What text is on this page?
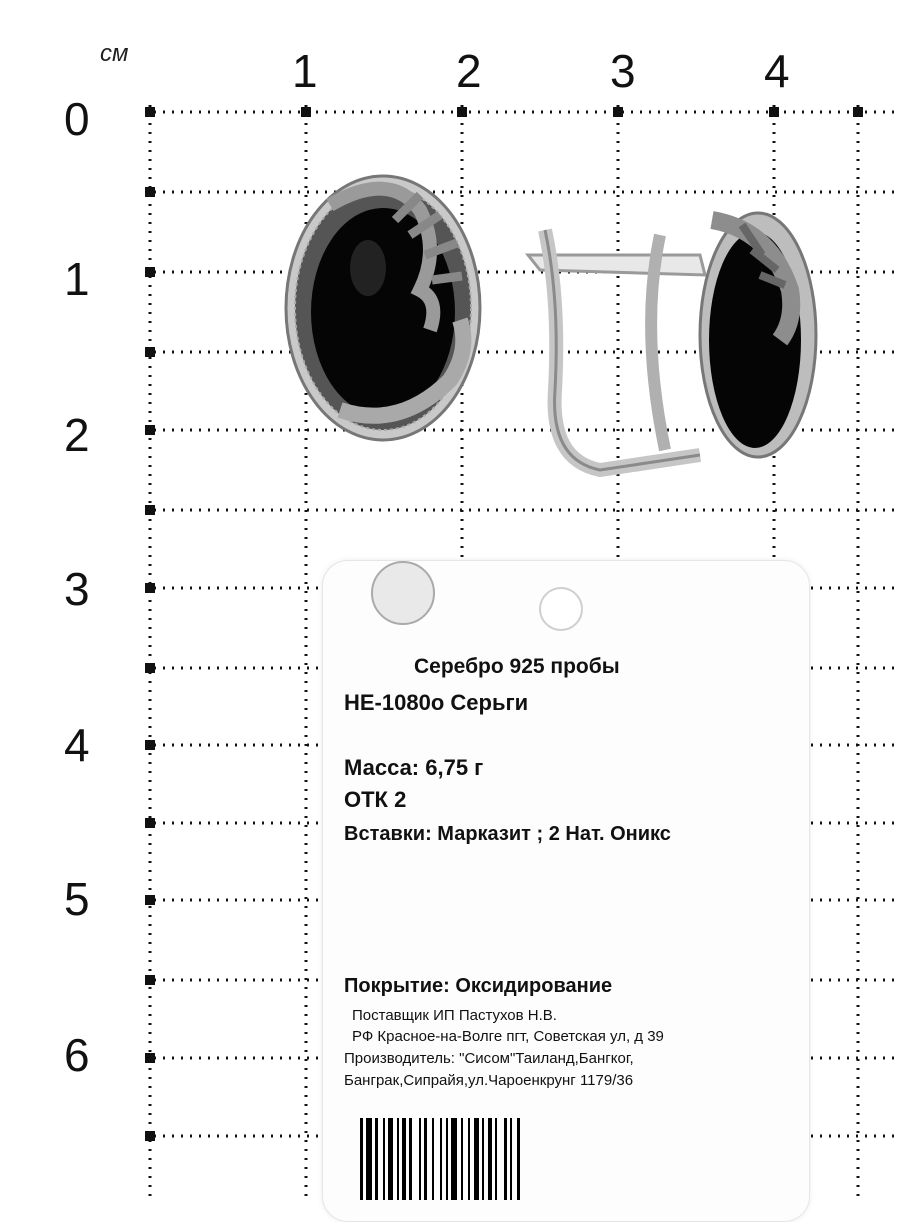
см	1	2	3	4
0
1
2
3
4
5
6
Серебро 925 пробы
НЕ-1080о Серьги
Масса: 6,75 г
ОТК 2
Вставки: Марказит ; 2 Нат. Оникс
Покрытие: Оксидирование
Поставщик ИП Пастухов Н.В.
РФ Красное-на-Волге пгт, Советская ул, д 39
Производитель: "Сисом"Таиланд,Бангког,
Банграк,Сипрайя,ул.Чароенкрунг 1179/36
